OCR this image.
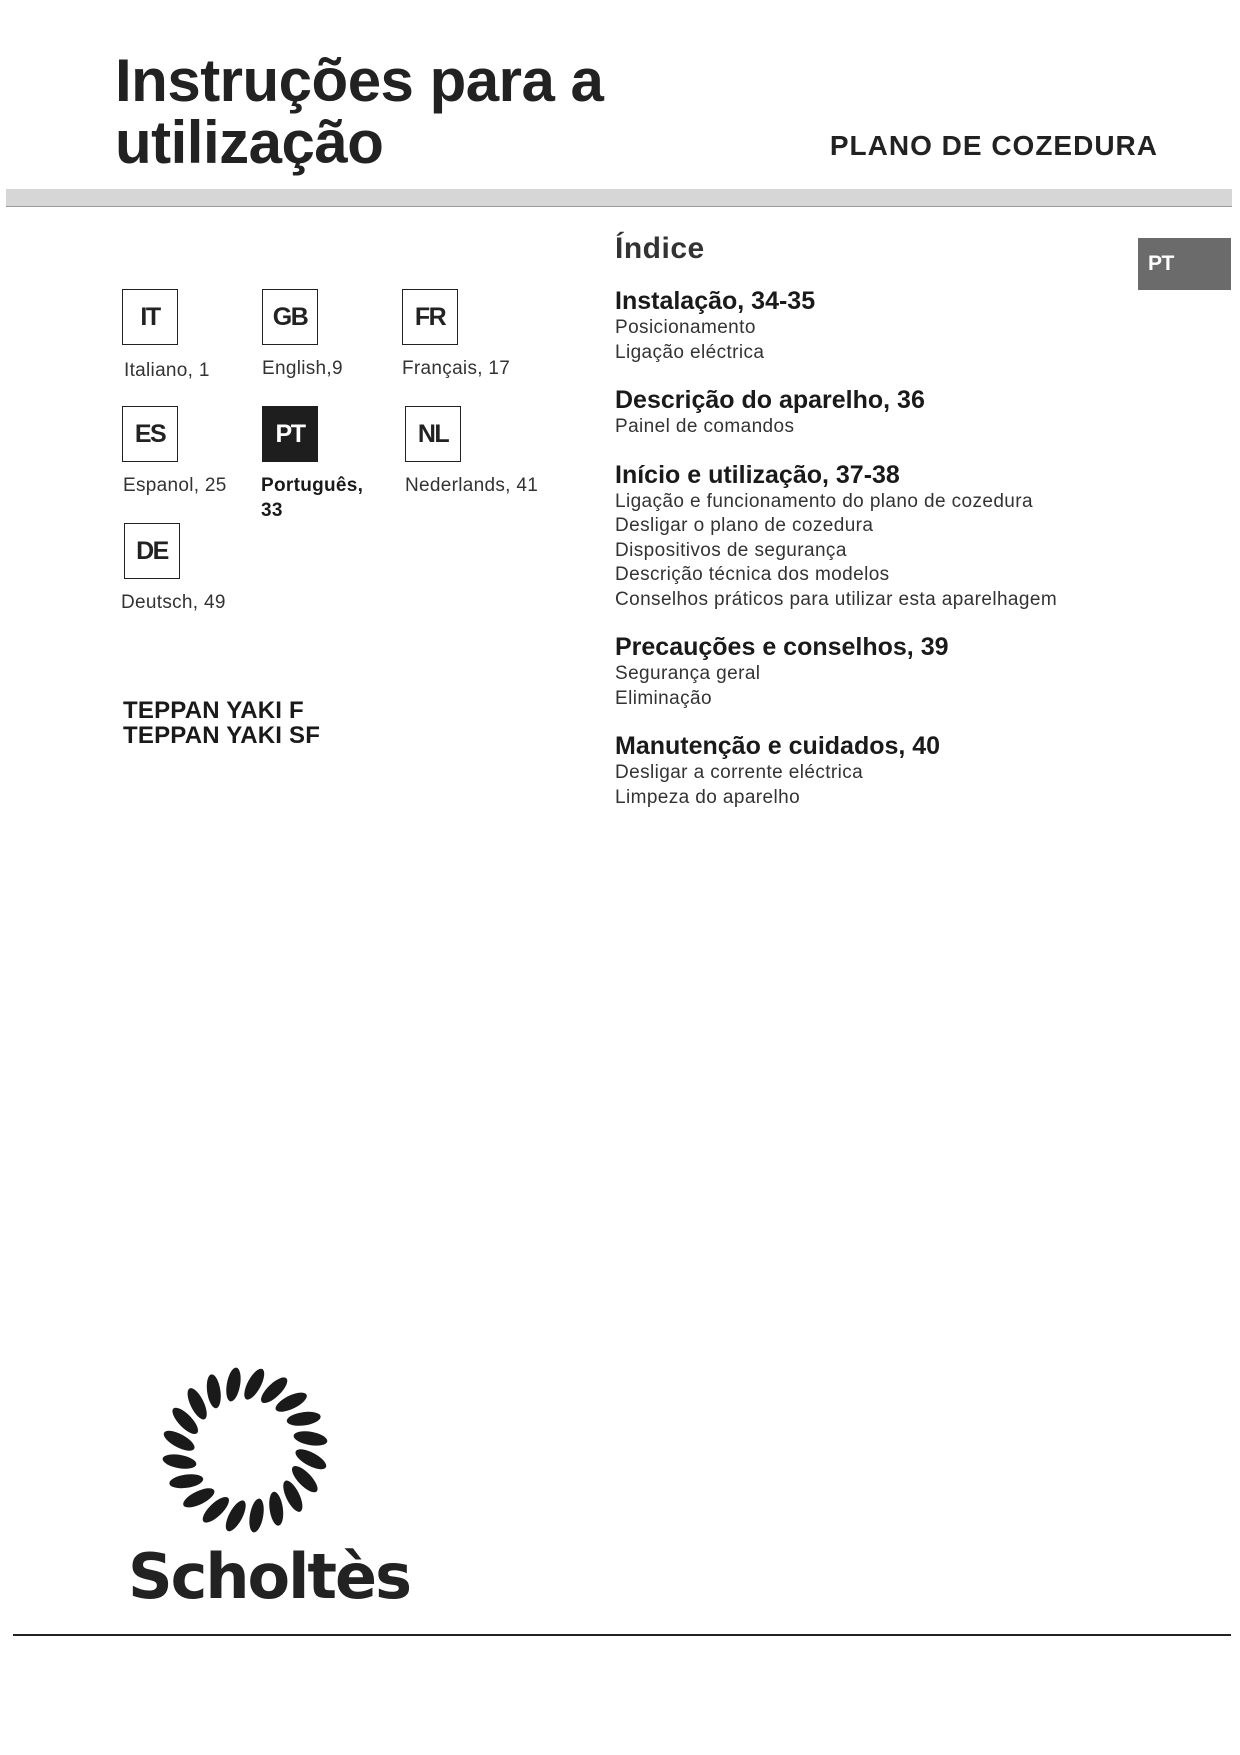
Instruções para a
utilização	PLANO DE COZEDURA
IT
Italiano, 1
GB
English,9
FR
Français, 17
ES
Espanol, 25
PT
Português,
33
NL
Nederlands, 41
DE
Deutsch, 49
TEPPAN YAKI F
TEPPAN YAKI SF
Índice
Instalação, 34-35
Posicionamento
Ligação eléctrica
Descrição do aparelho, 36
Painel de comandos
Início e utilização, 37-38
Ligação e funcionamento do plano de cozedura
Desligar o plano de cozedura
Dispositivos de segurança
Descrição técnica dos modelos
Conselhos práticos para utilizar esta aparelhagem
Precauções e conselhos, 39
Segurança geral
Eliminação
Manutenção e cuidados, 40
Desligar a corrente eléctrica
Limpeza do aparelho
PT
Scholtès
